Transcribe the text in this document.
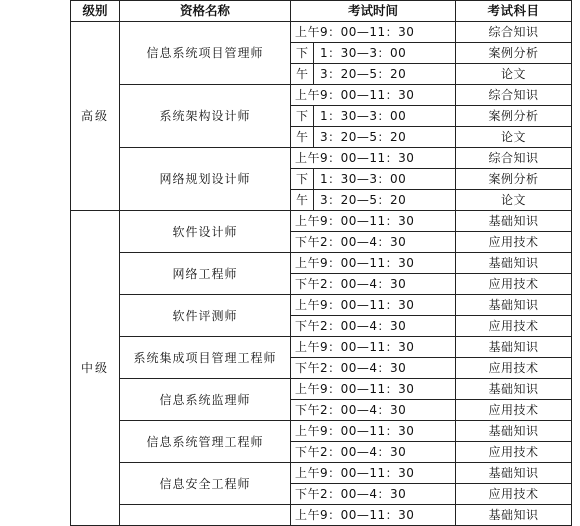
级别	资格名称	考试时间		考试科目
高级	信息系统项目管理师	上午9：00—11：30		综合知识
		下	1：30—3：00	案例分析
		午	3：20—5：20	论文
	系统架构设计师	上午9：00—11：30		综合知识
		下	1：30—3：00	案例分析
		午	3：20—5：20	论文
	网络规划设计师	上午9：00—11：30		综合知识
		下	1：30—3：00	案例分析
		午	3：20—5：20	论文
中级	软件设计师	上午9：00—11：30		基础知识
		下午2：00—4：30		应用技术
	网络工程师	上午9：00—11：30		基础知识
		下午2：00—4：30		应用技术
	软件评测师	上午9：00—11：30		基础知识
		下午2：00—4：30		应用技术
	系统集成项目管理工程师	上午9：00—11：30		基础知识
		下午2：00—4：30		应用技术
	信息系统监理师	上午9：00—11：30		基础知识
		下午2：00—4：30		应用技术
	信息系统管理工程师	上午9：00—11：30		基础知识
		下午2：00—4：30		应用技术
	信息安全工程师	上午9：00—11：30		基础知识
		下午2：00—4：30		应用技术
		上午9：00—11：30		基础知识
